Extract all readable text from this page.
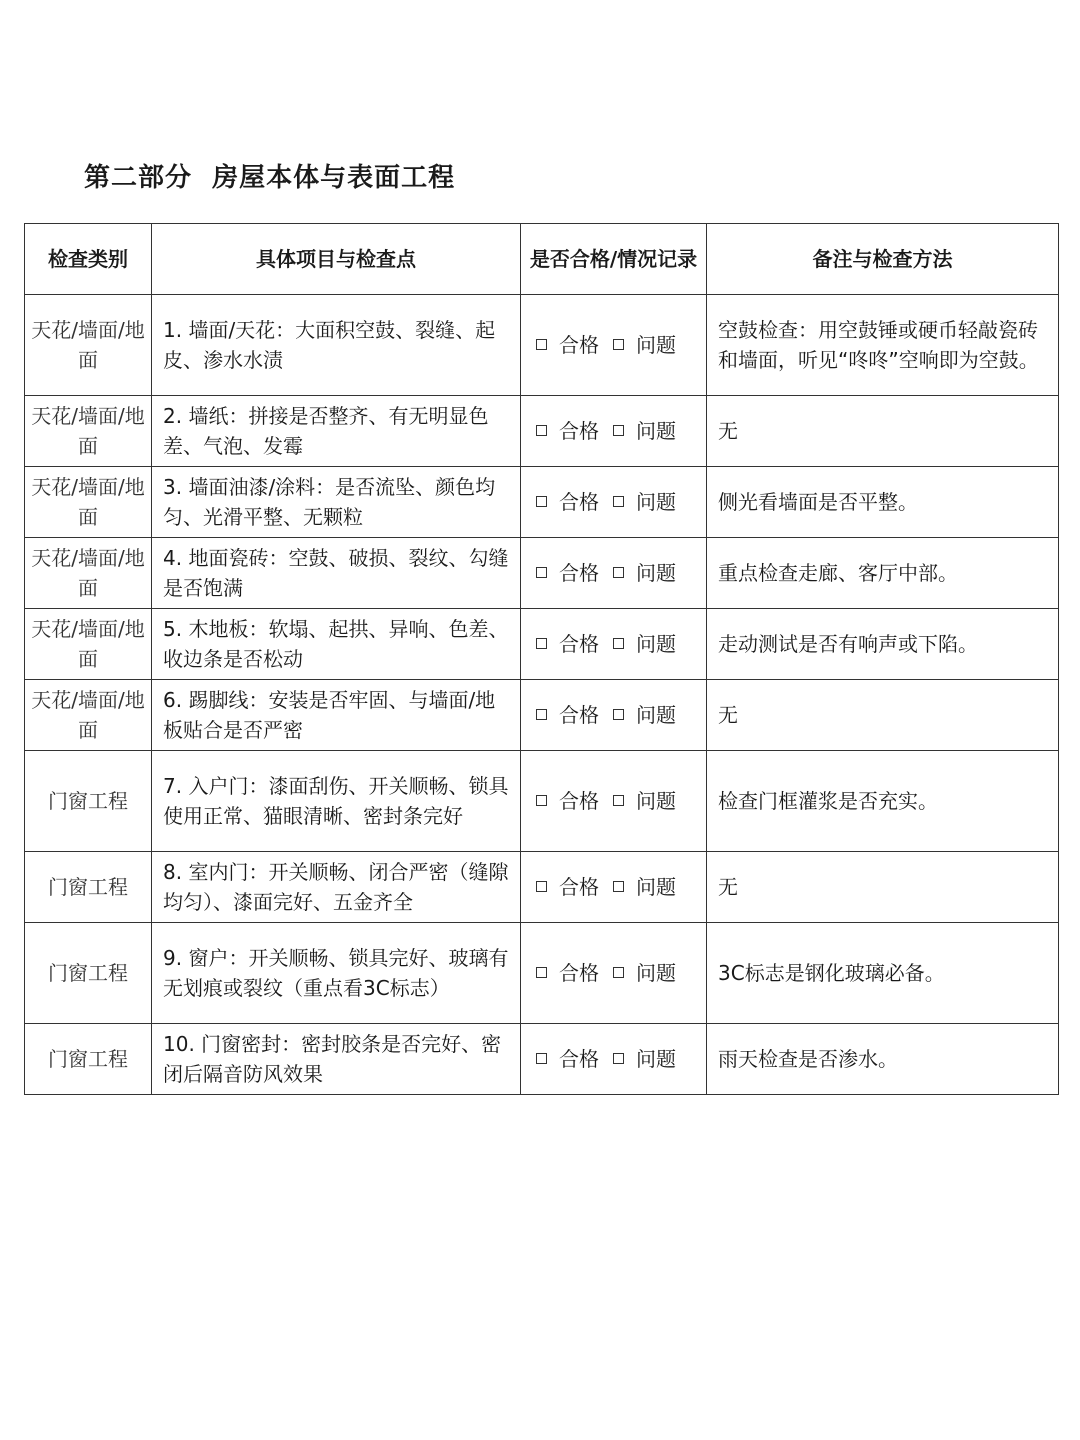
第二部分  房屋本体与表面工程
检查类别	具体项目与检查点	是否合格/情况记录	备注与检查方法
天花/墙面/地面	1. 墙面/天花：大面积空鼓、裂缝、起皮、渗水水渍	合格 问题	空鼓检查：用空鼓锤或硬币轻敲瓷砖和墙面，听见“咚咚”空响即为空鼓。
天花/墙面/地面	2. 墙纸：拼接是否整齐、有无明显色差、气泡、发霉	合格 问题	无
天花/墙面/地面	3. 墙面油漆/涂料：是否流坠、颜色均匀、光滑平整、无颗粒	合格 问题	侧光看墙面是否平整。
天花/墙面/地面	4. 地面瓷砖：空鼓、破损、裂纹、勾缝是否饱满	合格 问题	重点检查走廊、客厅中部。
天花/墙面/地面	5. 木地板：软塌、起拱、异响、色差、收边条是否松动	合格 问题	走动测试是否有响声或下陷。
天花/墙面/地面	6. 踢脚线：安装是否牢固、与墙面/地板贴合是否严密	合格 问题	无
门窗工程	7. 入户门：漆面刮伤、开关顺畅、锁具使用正常、猫眼清晰、密封条完好	合格 问题	检查门框灌浆是否充实。
门窗工程	8. 室内门：开关顺畅、闭合严密（缝隙均匀）、漆面完好、五金齐全	合格 问题	无
门窗工程	9. 窗户：开关顺畅、锁具完好、玻璃有无划痕或裂纹（重点看3C标志）	合格 问题	3C标志是钢化玻璃必备。
门窗工程	10. 门窗密封：密封胶条是否完好、密闭后隔音防风效果	合格 问题	雨天检查是否渗水。
